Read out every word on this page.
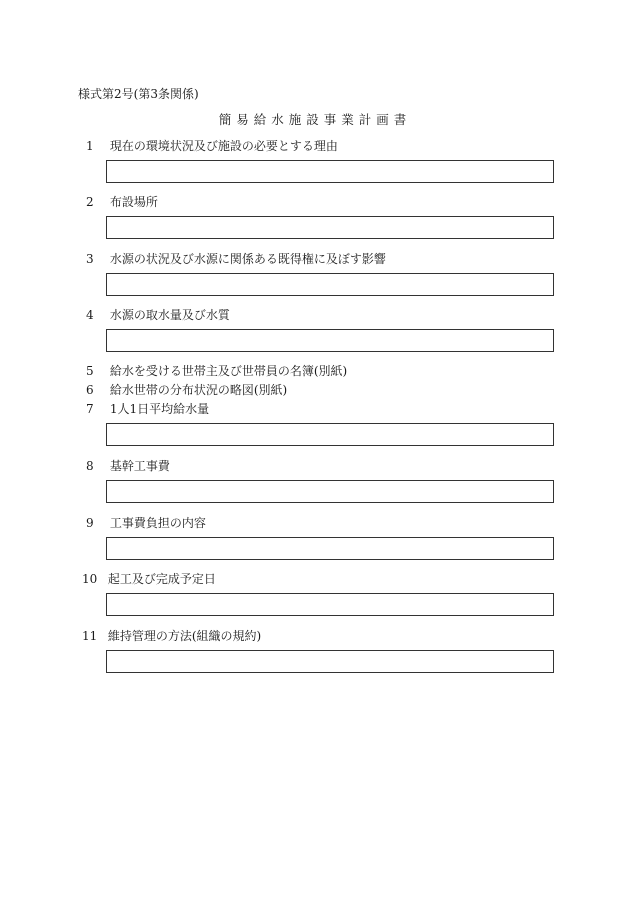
様式第2号(第3条関係)
簡易給水施設事業計画書
1 現在の環境状況及び施設の必要とする理由
2 布設場所
3 水源の状況及び水源に関係ある既得権に及ぼす影響
4 水源の取水量及び水質
5 給水を受ける世帯主及び世帯員の名簿(別紙)
6 給水世帯の分布状況の略図(別紙)
7 1人1日平均給水量
8 基幹工事費
9 工事費負担の内容
10 起工及び完成予定日
11 維持管理の方法(組織の規約)
